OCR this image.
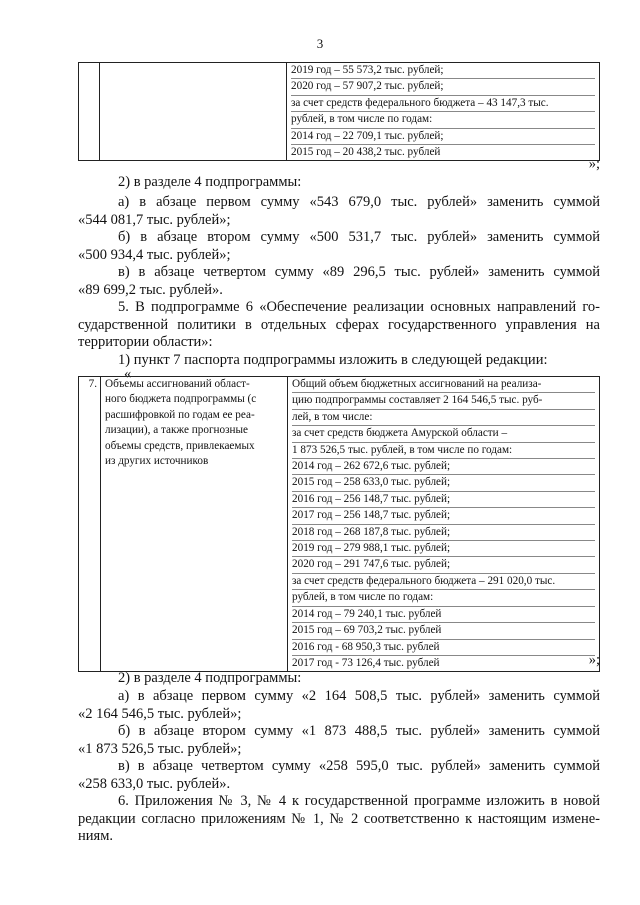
3

2019 год – 55 573,2 тыс. рублей;
2020 год – 57 907,2 тыс. рублей;
за счет средств федерального бюджета – 43 147,3 тыс.
рублей, в том числе по годам:
2014 год – 22 709,1 тыс. рублей;
2015 год – 20 438,2 тыс. рублей
»;
2) в разделе 4 подпрограммы:
а) в абзаце первом сумму «543 679,0 тыс. рублей» заменить суммой
«544 081,7 тыс. рублей»;
б) в абзаце втором сумму «500 531,7 тыс. рублей» заменить суммой
«500 934,4 тыс. рублей»;
в) в абзаце четвертом сумму «89 296,5 тыс. рублей» заменить суммой
«89 699,2 тыс. рублей».
5. В подпрограмме 6 «Обеспечение реализации основных направлений го-
сударственной политики в отдельных сферах государственного управления на
территории области»:
1) пункт 7 паспорта подпрограммы изложить в следующей редакции:
«
7.	Объемы ассигнований област-
ного бюджета подпрограммы (с
расшифровкой по годам ее реа-
лизации), а также прогнозные
объемы средств, привлекаемых
из других источников

Общий объем бюджетных ассигнований на реализа-
цию подпрограммы составляет 2 164 546,5 тыс. руб-
лей, в том числе:
за счет средств бюджета Амурской области –
1 873 526,5 тыс. рублей, в том числе по годам:
2014 год – 262 672,6 тыс. рублей;
2015 год – 258 633,0 тыс. рублей;
2016 год – 256 148,7 тыс. рублей;
2017 год – 256 148,7 тыс. рублей;
2018 год – 268 187,8 тыс. рублей;
2019 год – 279 988,1 тыс. рублей;
2020 год – 291 747,6 тыс. рублей;
за счет средств федерального бюджета – 291 020,0 тыс.
рублей, в том числе по годам:
2014 год – 79 240,1 тыс. рублей
2015 год – 69 703,2 тыс. рублей
2016 год - 68 950,3 тыс. рублей
2017 год - 73 126,4 тыс. рублей	»;
2) в разделе 4 подпрограммы:
а) в абзаце первом сумму «2 164 508,5 тыс. рублей» заменить суммой
«2 164 546,5 тыс. рублей»;
б) в абзаце втором сумму «1 873 488,5 тыс. рублей» заменить суммой
«1 873 526,5 тыс. рублей»;
в) в абзаце четвертом сумму «258 595,0 тыс. рублей» заменить суммой
«258 633,0 тыс. рублей».
6. Приложения № 3, № 4 к государственной программе изложить в новой
редакции согласно приложениям № 1, № 2 соответственно к настоящим измене-
ниям.
